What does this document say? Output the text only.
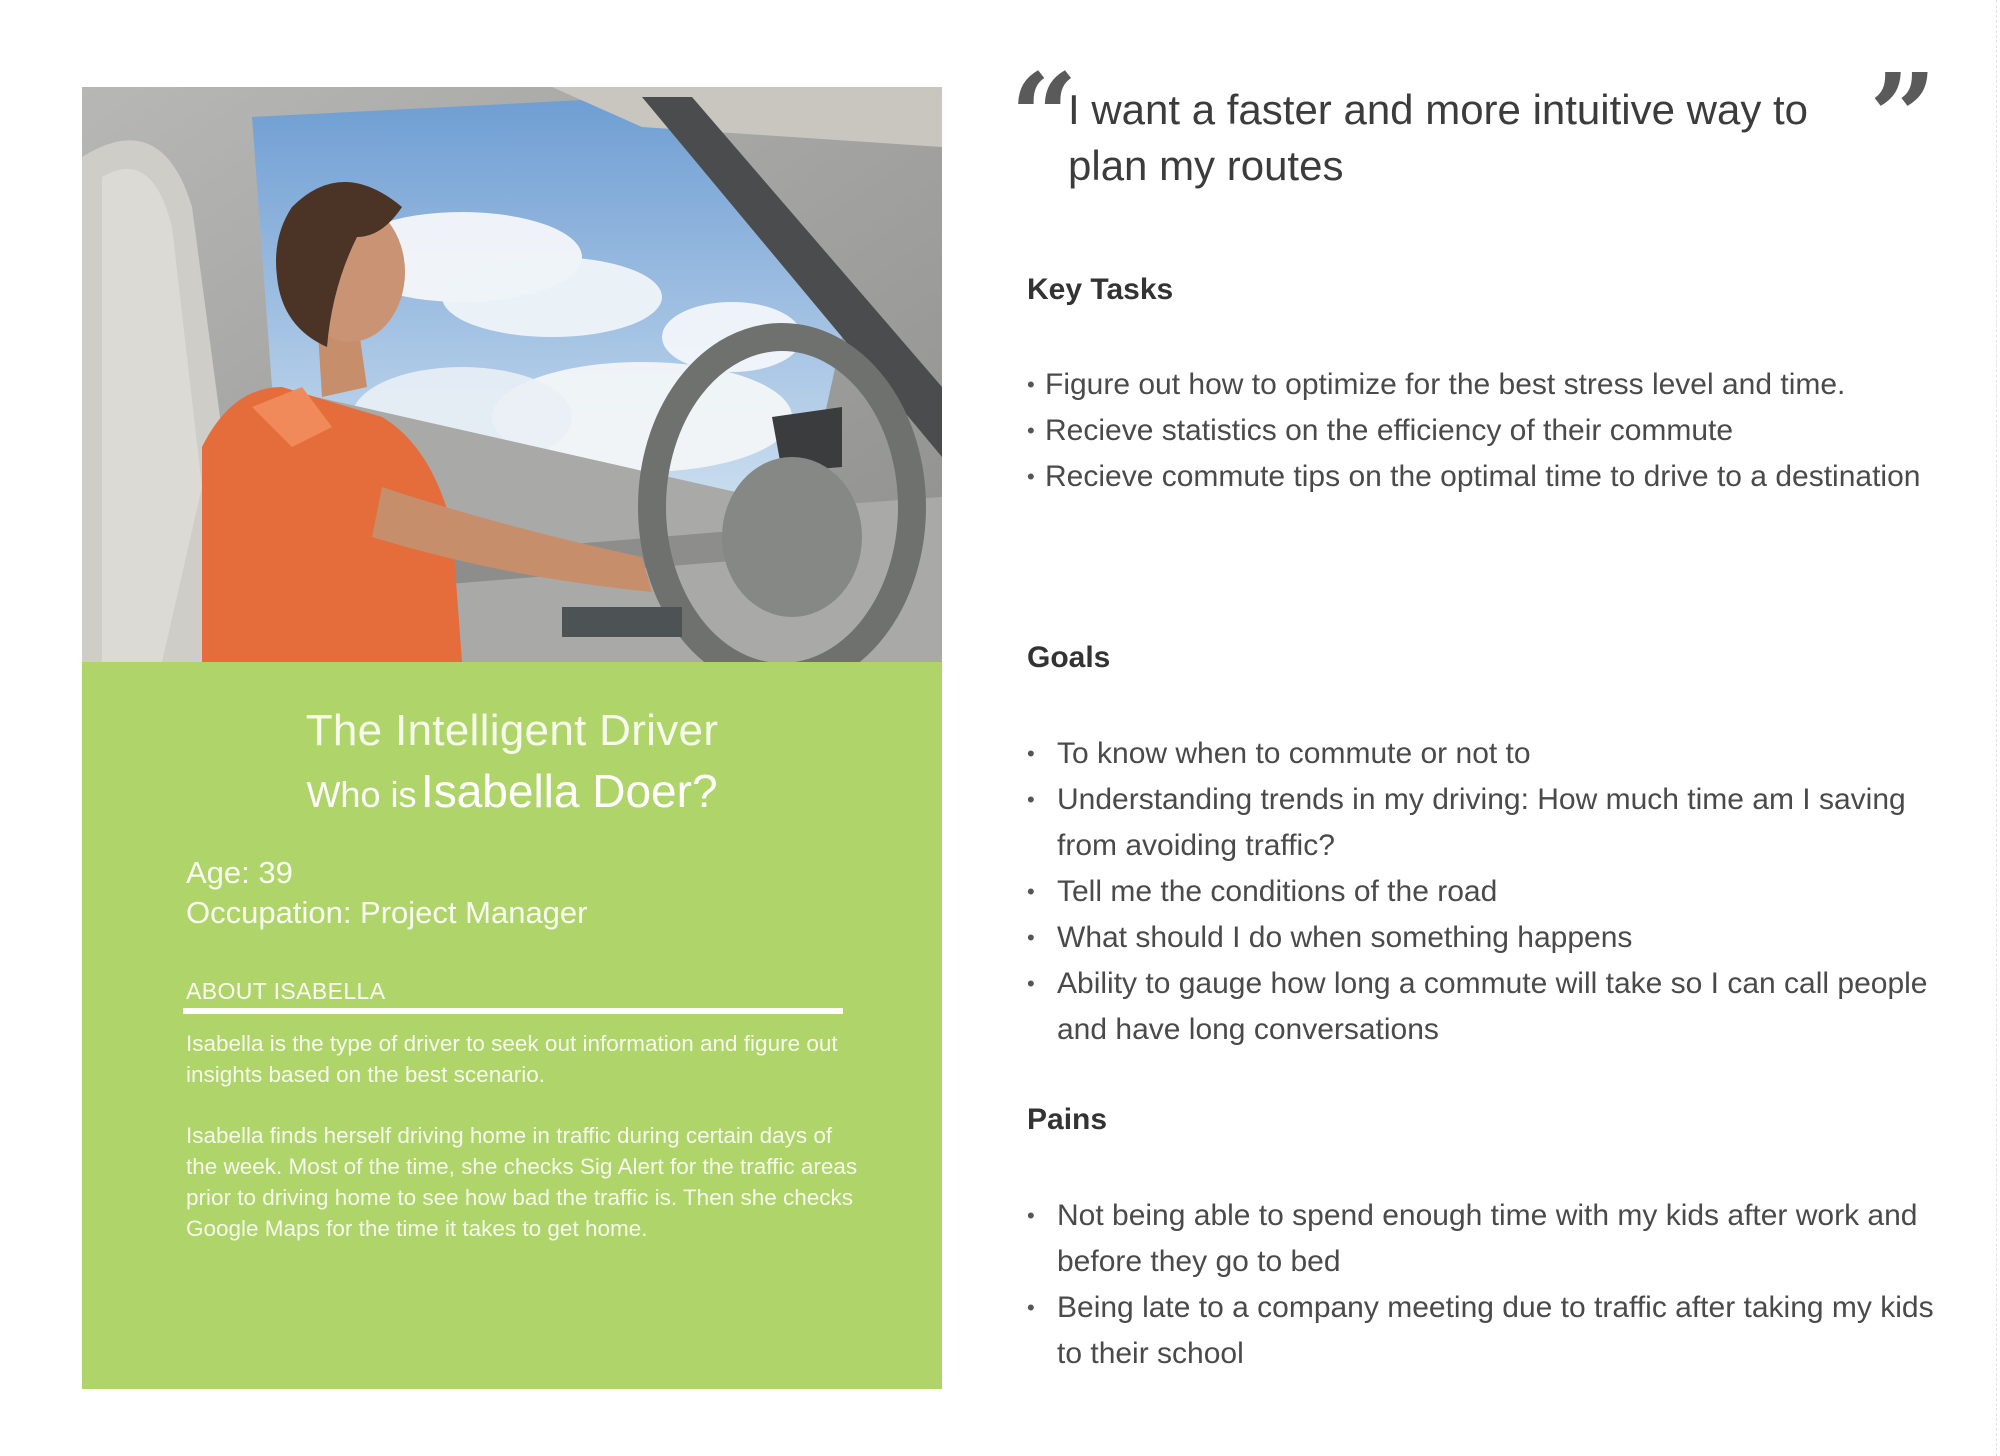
The Intelligent Driver
Who is Isabella Doer?
Age: 39
Occupation: Project Manager
ABOUT ISABELLA

Isabella is the type of driver to seek out information and figure out insights based on the best scenario.

Isabella finds herself driving home in traffic during certain days of the week. Most of the time, she checks Sig Alert for the traffic areas prior to driving home to see how bad the traffic is. Then she checks Google Maps for the time it takes to get home.

“ I want a faster and more intuitive way to plan my routes	”
Key Tasks
• Figure out how to optimize for the best stress level and time.
• Recieve statistics on the efficiency of their commute
• Recieve commute tips on the optimal time to drive to a destination
Goals
• To know when to commute or not to
• Understanding trends in my driving: How much time am I saving from avoiding traffic?
• Tell me the conditions of the road
• What should I do when something happens
• Ability to gauge how long a commute will take so I can call people and have long conversations
Pains
• Not being able to spend enough time with my kids after work and before they go to bed
• Being late to a company meeting due to traffic after taking my kids to their school
